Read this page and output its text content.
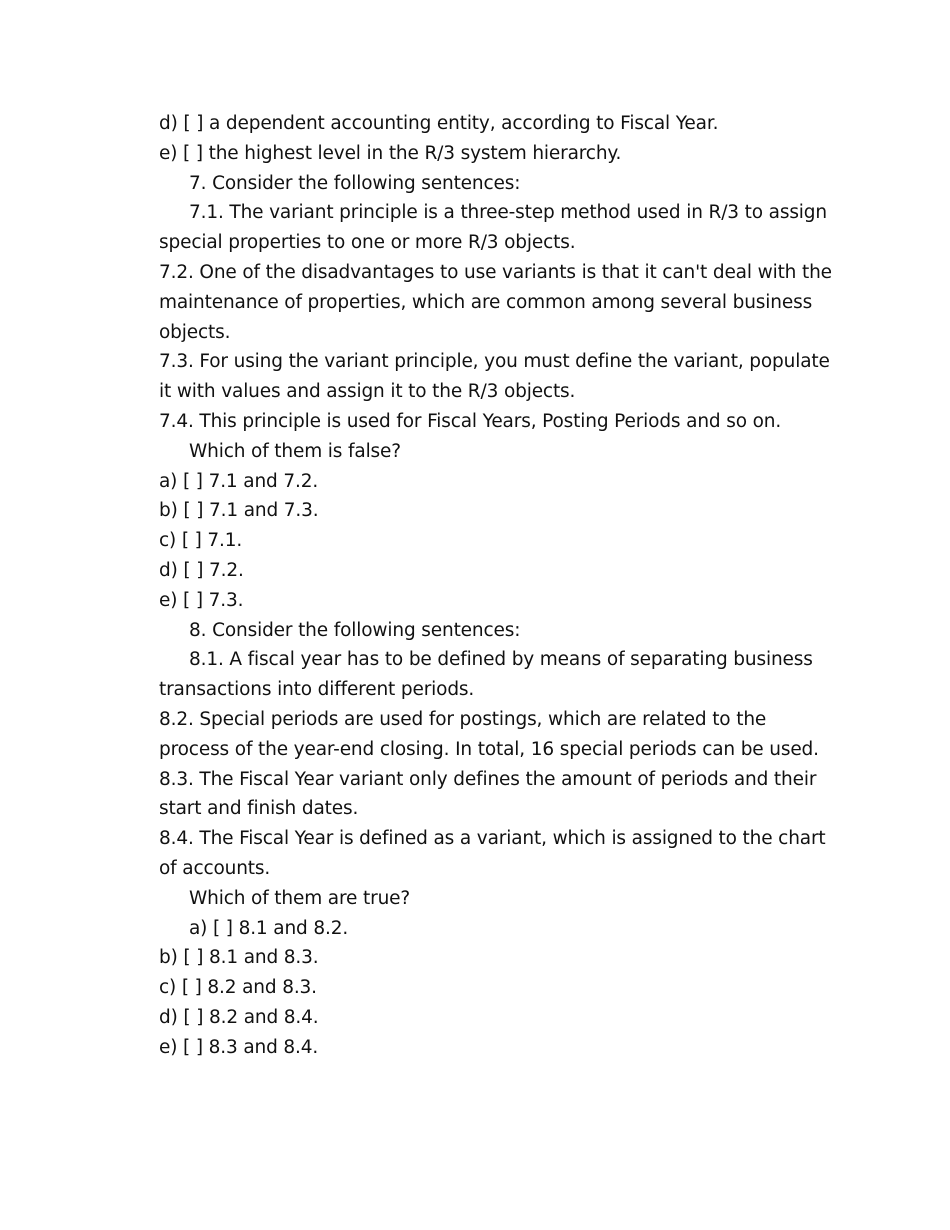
d) [ ] a dependent accounting entity, according to Fiscal Year.
e) [ ] the highest level in the R/3 system hierarchy.
7. Consider the following sentences:
7.1. The variant principle is a three-step method used in R/3 to assign
special properties to one or more R/3 objects.
7.2. One of the disadvantages to use variants is that it can't deal with the
maintenance of properties, which are common among several business
objects.
7.3. For using the variant principle, you must define the variant, populate
it with values and assign it to the R/3 objects.
7.4. This principle is used for Fiscal Years, Posting Periods and so on.
Which of them is false?
a) [ ] 7.1 and 7.2.
b) [ ] 7.1 and 7.3.
c) [ ] 7.1.
d) [ ] 7.2.
e) [ ] 7.3.
8. Consider the following sentences:
8.1. A fiscal year has to be defined by means of separating business
transactions into different periods.
8.2. Special periods are used for postings, which are related to the
process of the year-end closing. In total, 16 special periods can be used.
8.3. The Fiscal Year variant only defines the amount of periods and their
start and finish dates.
8.4. The Fiscal Year is defined as a variant, which is assigned to the chart
of accounts.
Which of them are true?
a) [ ] 8.1 and 8.2.
b) [ ] 8.1 and 8.3.
c) [ ] 8.2 and 8.3.
d) [ ] 8.2 and 8.4.
e) [ ] 8.3 and 8.4.
